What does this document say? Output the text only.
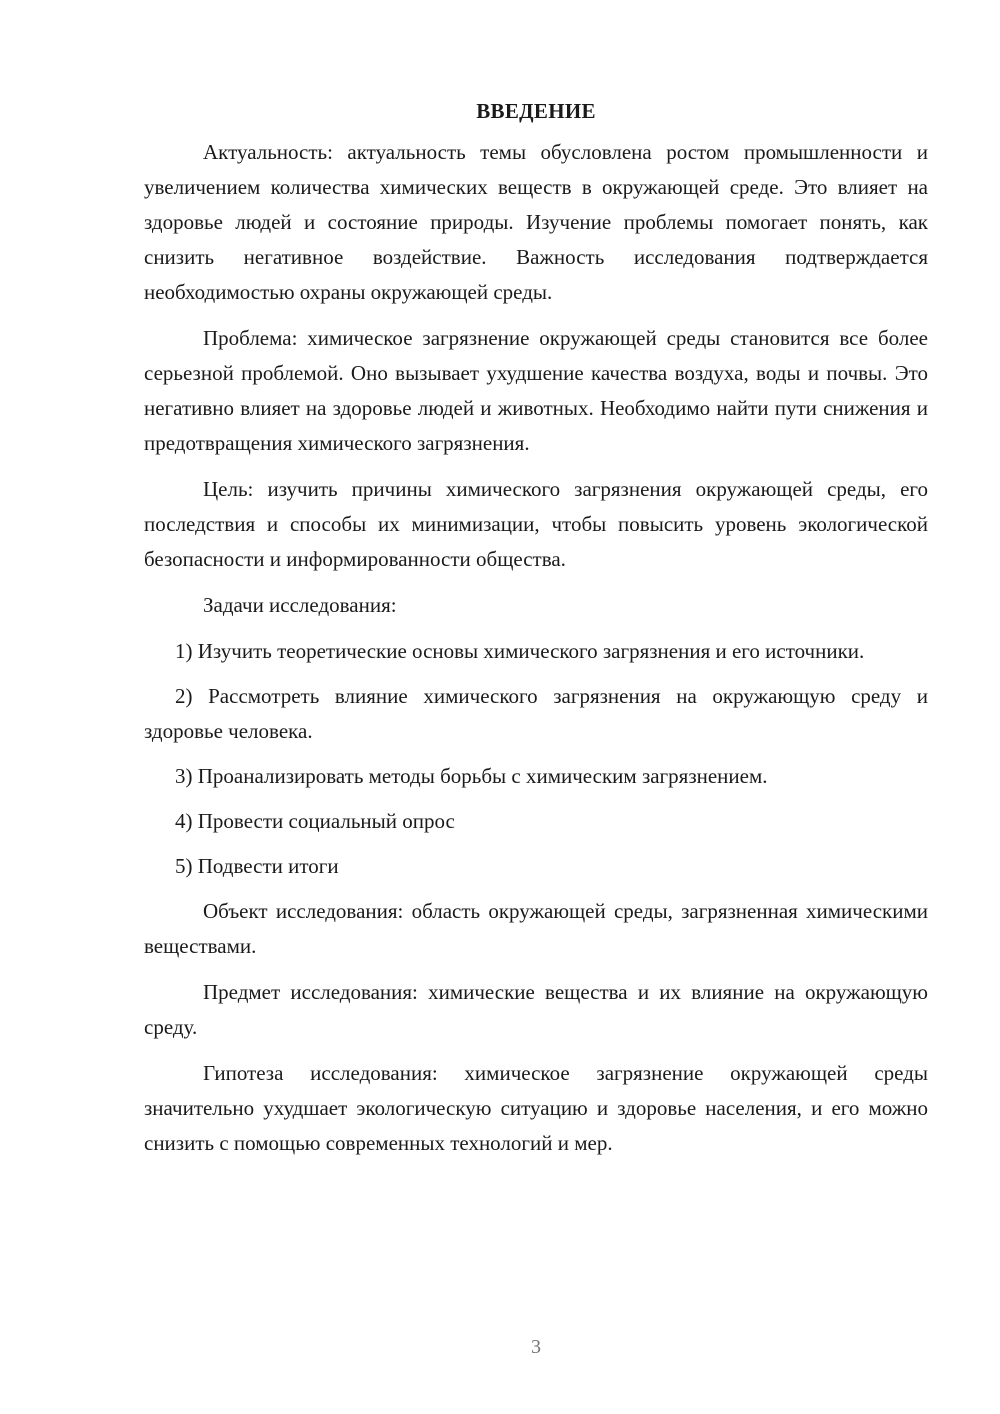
ВВЕДЕНИЕ

Актуальность: актуальность темы обусловлена ростом промышленности и увеличением количества химических веществ в окружающей среде. Это влияет на здоровье людей и состояние природы. Изучение проблемы помогает понять, как снизить негативное воздействие. Важность исследования подтверждается необходимостью охраны окружающей среды.

Проблема: химическое загрязнение окружающей среды становится все более серьезной проблемой. Оно вызывает ухудшение качества воздуха, воды и почвы. Это негативно влияет на здоровье людей и животных. Необходимо найти пути снижения и предотвращения химического загрязнения.

Цель: изучить причины химического загрязнения окружающей среды, его последствия и способы их минимизации, чтобы повысить уровень экологической безопасности и информированности общества.

Задачи исследования:

1) Изучить теоретические основы химического загрязнения и его источники.

2) Рассмотреть влияние химического загрязнения на окружающую среду и здоровье человека.

3) Проанализировать методы борьбы с химическим загрязнением.

4) Провести социальный опрос

5) Подвести итоги

Объект исследования: область окружающей среды, загрязненная химическими веществами.

Предмет исследования: химические вещества и их влияние на окружающую среду.

Гипотеза исследования: химическое загрязнение окружающей среды значительно ухудшает экологическую ситуацию и здоровье населения, и его можно снизить с помощью современных технологий и мер.

3
